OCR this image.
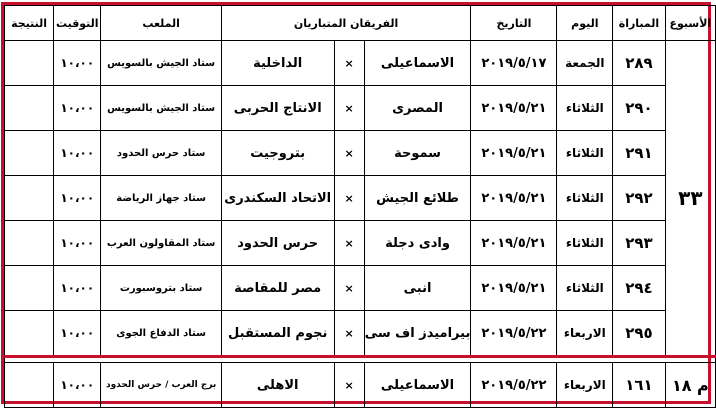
الأسبوع	المباراة	اليوم	التاريخ	الفريقان المتباريان			الملعب	التوقيت	النتيجة
٣٣	٢٨٩	الجمعة	٢٠١٩/٥/١٧	الاسماعيلى	×	الداخلية	ستاد الجيش بالسويس	١٠،٠٠	
	٢٩٠	الثلاثاء	٢٠١٩/٥/٢١	المصرى	×	الانتاج الحربى	ستاد الجيش بالسويس	١٠،٠٠	
	٢٩١	الثلاثاء	٢٠١٩/٥/٢١	سموحة	×	بتروجيت	ستاد حرس الحدود	١٠،٠٠	
	٢٩٢	الثلاثاء	٢٠١٩/٥/٢١	طلائع الجيش	×	الاتحاد السكندرى	ستاد جهاز الرياضة	١٠،٠٠	
	٢٩٣	الثلاثاء	٢٠١٩/٥/٢١	وادى دجلة	×	حرس الحدود	ستاد المقاولون العرب	١٠،٠٠	
	٢٩٤	الثلاثاء	٢٠١٩/٥/٢١	انبى	×	مصر للمقاصة	ستاد بتروسبورت	١٠،٠٠	
	٢٩٥	الاربعاء	٢٠١٩/٥/٢٢	بيراميدز اف سى	×	نجوم المستقبل	ستاد الدفاع الجوى	١٠،٠٠	

م ١٨	١٦١	الاربعاء	٢٠١٩/٥/٢٢	الاسماعيلى	×	الاهلى	برج العرب / حرس الحدود	١٠،٠٠	
